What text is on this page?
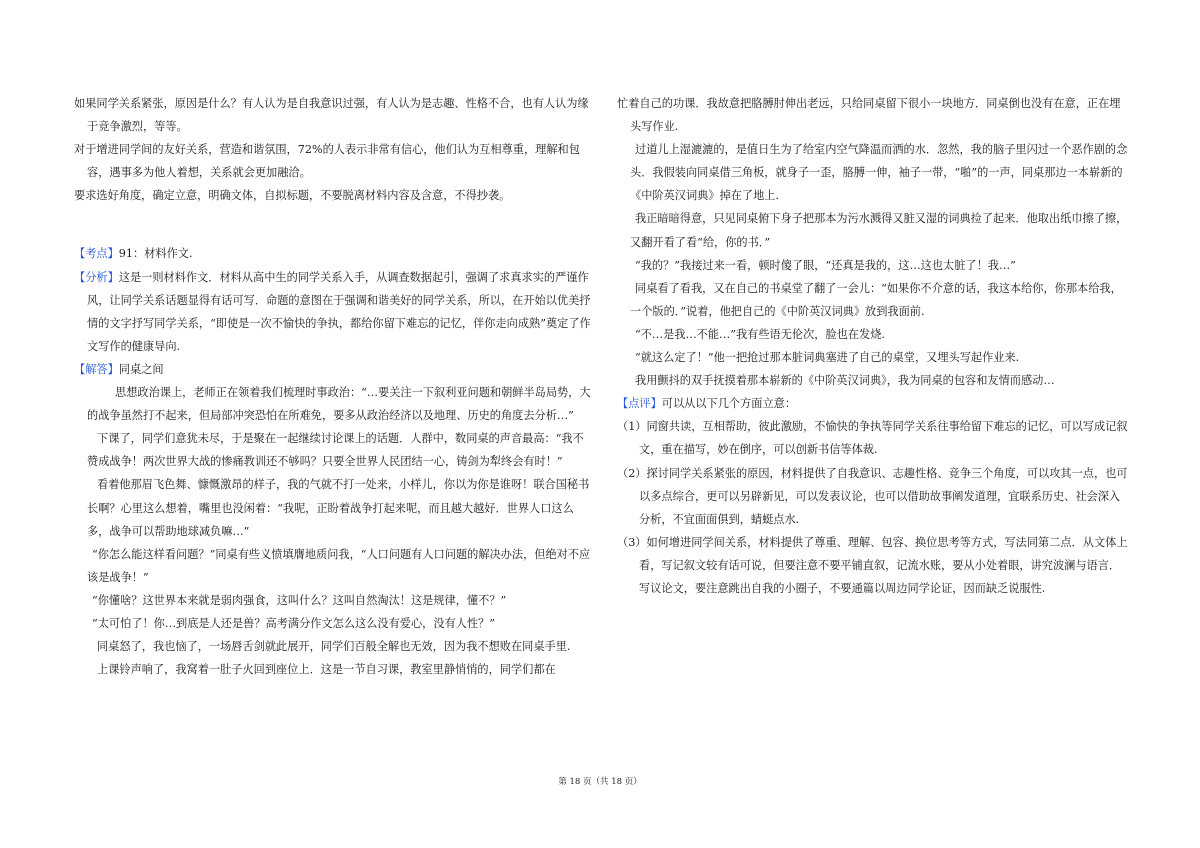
如果同学关系紧张，原因是什么？有人认为是自我意识过强，有人认为是志趣、性格不合，也有人认为缘于竞争激烈，等等。

对于增进同学间的友好关系，营造和谐氛围，72%的人表示非常有信心，他们认为互相尊重，理解和包容，遇事多为他人着想，关系就会更加融洽。

要求选好角度，确定立意，明确文体，自拟标题，不要脱离材料内容及含意，不得抄袭。

【考点】91：材料作文.

【分析】这是一则材料作文．材料从高中生的同学关系入手，从调查数据起引，强调了求真求实的严谨作风，让同学关系话题显得有话可写．命题的意图在于强调和谐美好的同学关系，所以，在开始以优美抒情的文字抒写同学关系，“即使是一次不愉快的争执，都给你留下难忘的记忆，伴你走向成熟”奠定了作文写作的健康导向.

【解答】同桌之间

思想政治课上，老师正在领着我们梳理时事政治：“…要关注一下叙利亚问题和朝鲜半岛局势，大的战争虽然打不起来，但局部冲突恐怕在所难免，要多从政治经济以及地理、历史的角度去分析…”

下课了，同学们意犹未尽，于是聚在一起继续讨论课上的话题．人群中，数同桌的声音最高：“我不赞成战争！两次世界大战的惨痛教训还不够吗？只要全世界人民团结一心，铸剑为犁终会有时！”

看着他那眉飞色舞、慷慨激昂的样子，我的气就不打一处来，小样儿，你以为你是谁呀！联合国秘书长啊？心里这么想着，嘴里也没闲着：“我呢，正盼着战争打起来呢，而且越大越好．世界人口这么多，战争可以帮助地球减负嘛…”

“你怎么能这样看问题？”同桌有些义愤填膺地质问我，“人口问题有人口问题的解决办法，但绝对不应该是战争！”

“你懂啥？这世界本来就是弱肉强食，这叫什么？这叫自然淘汰！这是规律，懂不？”

“太可怕了！你…到底是人还是兽？高考满分作文怎么这么没有爱心，没有人性？”

同桌怒了，我也恼了，一场唇舌剑就此展开，同学们百般全解也无效，因为我不想败在同桌手里.

上课铃声响了，我窝着一肚子火回到座位上．这是一节自习课，教室里静悄悄的，同学们都在

忙着自己的功课．我故意把胳膊肘伸出老远，只给同桌留下很小一块地方．同桌倒也没有在意，正在埋头写作业.

过道儿上湿漉漉的，是值日生为了给室内空气降温而洒的水．忽然，我的脑子里闪过一个恶作剧的念头．我假装向同桌借三角板，就身子一歪，胳膊一伸，袖子一带，“啪”的一声，同桌那边一本崭新的《中阶英汉词典》掉在了地上.

我正暗暗得意，只见同桌俯下身子把那本为污水溅得又脏又湿的词典捡了起来．他取出纸巾擦了擦，又翻开看了看“给，你的书．”

“我的？”我接过来一看，顿时傻了眼，“还真是我的，这…这也太脏了！我…”

同桌看了看我，又在自己的书桌堂了翻了一会儿：“如果你不介意的话，我这本给你，你那本给我，一个版的．”说着，他把自己的《中阶英汉词典》放到我面前.

“不…是我…不能…”我有些语无伦次，脸也在发烧.

“就这么定了！”他一把抢过那本脏词典塞进了自己的桌堂，又埋头写起作业来.

我用颤抖的双手抚摸着那本崭新的《中阶英汉词典》，我为同桌的包容和友情而感动…

【点评】可以从以下几个方面立意：

（1）同窗共读，互相帮助，彼此激励，不愉快的争执等同学关系往事给留下难忘的记忆，可以写成记叙文，重在描写，妙在倒序，可以创新书信等体裁.

（2）探讨同学关系紧张的原因，材料提供了自我意识、志趣性格、竞争三个角度，可以攻其一点，也可以多点综合，更可以另辟新见，可以发表议论，也可以借助故事阐发道理，宜联系历史、社会深入分析，不宜面面俱到，蜻蜓点水.

（3）如何增进同学间关系，材料提供了尊重、理解、包容、换位思考等方式，写法同第二点．从文体上看，写记叙文较有话可说，但要注意不要平铺直叙，记流水账，要从小处着眼，讲究波澜与语言．写议论文，要注意跳出自我的小圈子，不要通篇以周边同学论证，因而缺乏说服性.

第 18 页（共 18 页）
